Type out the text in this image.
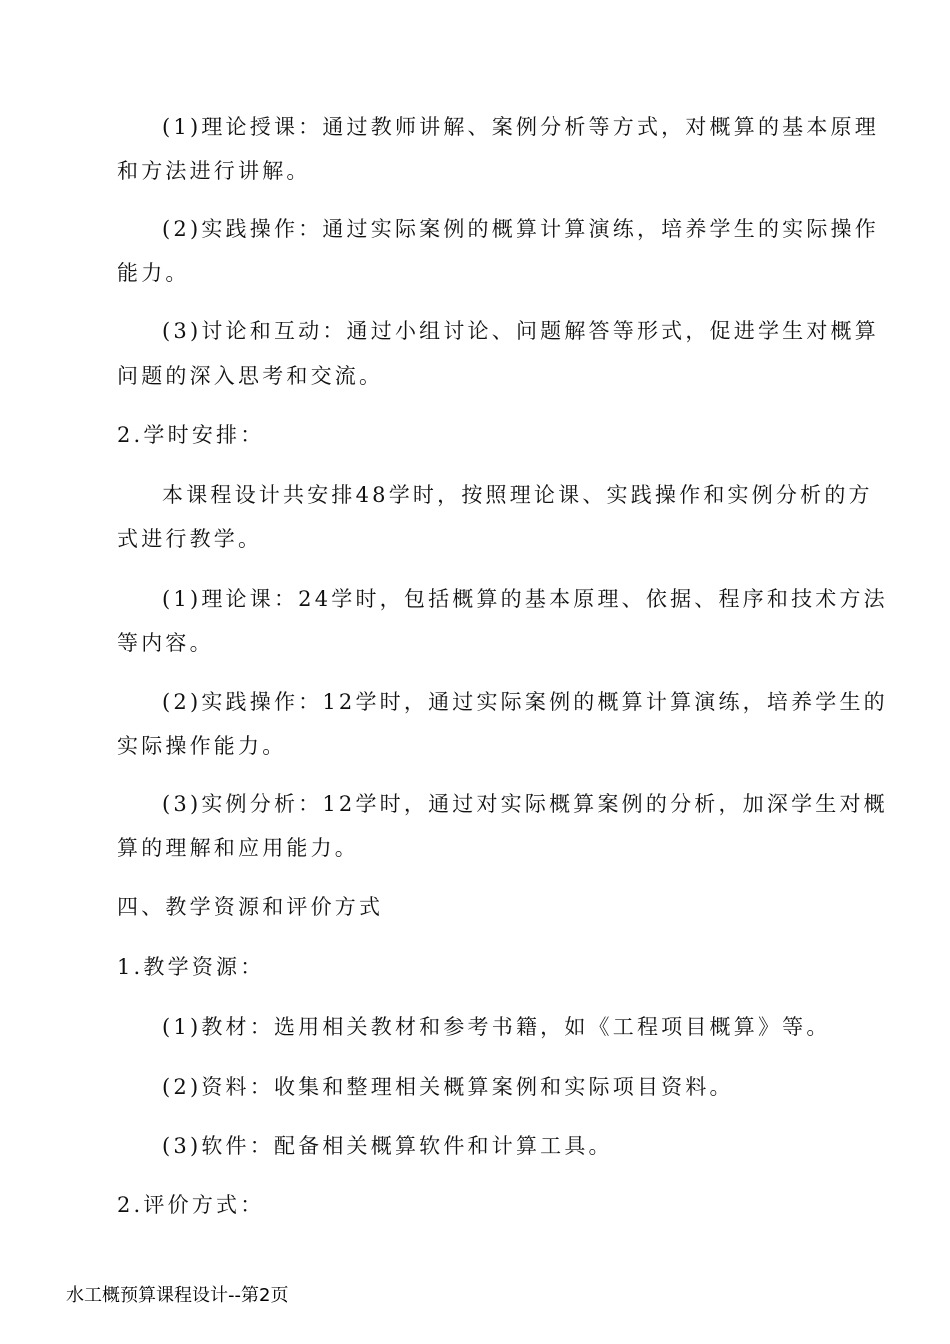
(1)理论授课：通过教师讲解、案例分析等方式，对概算的基本原理
和方法进行讲解。
(2)实践操作：通过实际案例的概算计算演练，培养学生的实际操作
能力。
(3)讨论和互动：通过小组讨论、问题解答等形式，促进学生对概算
问题的深入思考和交流。
2.学时安排：
本课程设计共安排48学时，按照理论课、实践操作和实例分析的方
式进行教学。
(1)理论课：24学时，包括概算的基本原理、依据、程序和技术方法
等内容。
(2)实践操作：12学时，通过实际案例的概算计算演练，培养学生的
实际操作能力。
(3)实例分析：12学时，通过对实际概算案例的分析，加深学生对概
算的理解和应用能力。
四、教学资源和评价方式
1.教学资源：
(1)教材：选用相关教材和参考书籍，如《工程项目概算》等。
(2)资料：收集和整理相关概算案例和实际项目资料。
(3)软件：配备相关概算软件和计算工具。
2.评价方式：
水工概预算课程设计--第2页
